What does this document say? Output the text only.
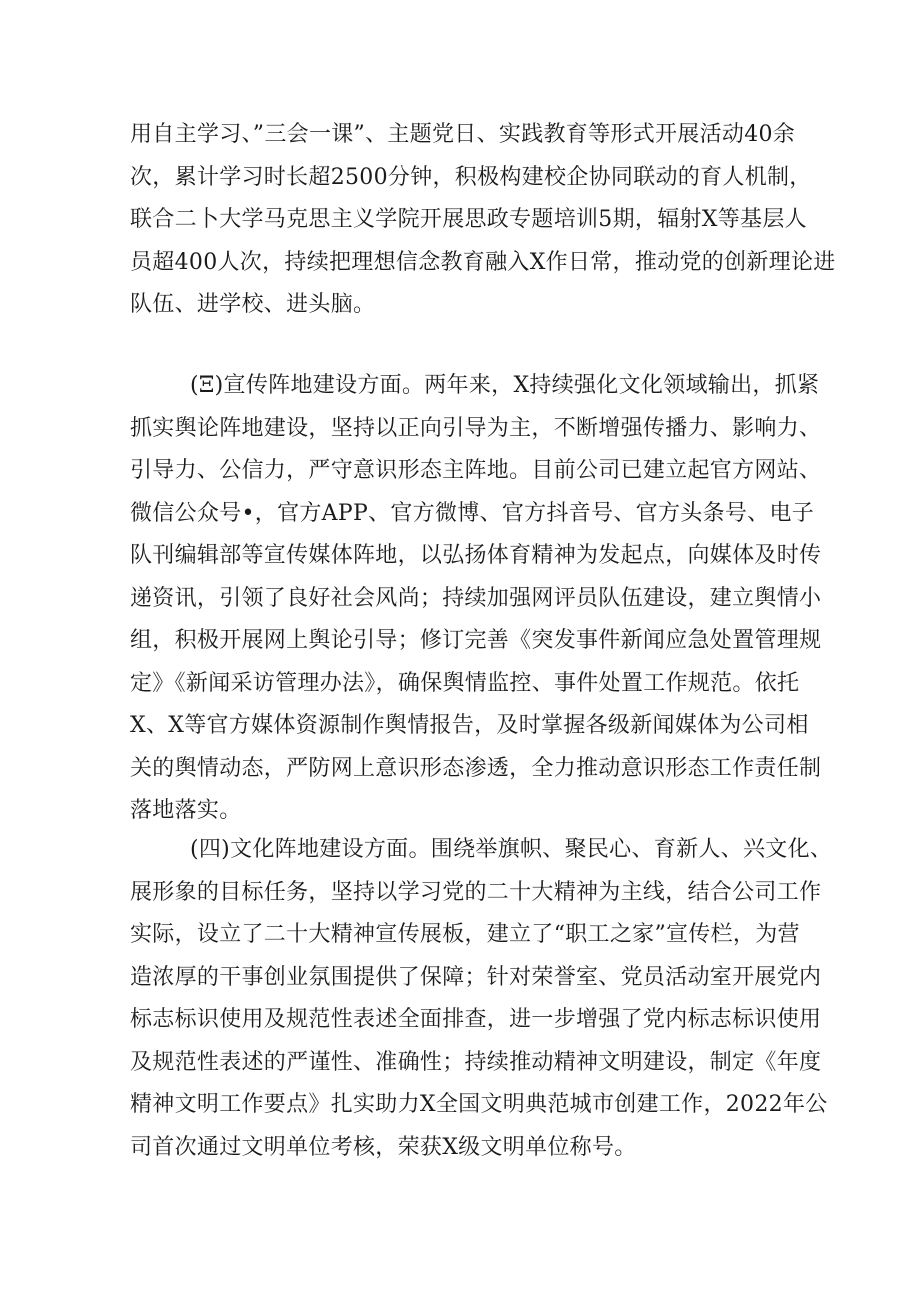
用自主学习、”三会一课”、主题党日、实践教育等形式开展活动40余
次，累计学习时长超2500分钟，积极构建校企协同联动的育人机制，
联合二卜大学马克思主义学院开展思政专题培训5期，辐射X等基层人
员超400人次，持续把理想信念教育融入X作日常，推动党的创新理论进
队伍、进学校、进头脑。
(Ξ)宣传阵地建设方面。两年来，X持续强化文化领域输出，抓紧
抓实舆论阵地建设，坚持以正向引导为主，不断增强传播力、影响力、
引导力、公信力，严守意识形态主阵地。目前公司已建立起官方网站、
微信公众号•，官方APP、官方微博、官方抖音号、官方头条号、电子
队刊编辑部等宣传媒体阵地，以弘扬体育精神为发起点，向媒体及时传
递资讯，引领了良好社会风尚；持续加强网评员队伍建设，建立舆情小
组，积极开展网上舆论引导；修订完善《突发事件新闻应急处置管理规
定》《新闻采访管理办法》，确保舆情监控、事件处置工作规范。依托
X、X等官方媒体资源制作舆情报告，及时掌握各级新闻媒体为公司相
关的舆情动态，严防网上意识形态渗透，全力推动意识形态工作责任制
落地落实。
(四)文化阵地建设方面。围绕举旗帜、聚民心、育新人、兴文化、
展形象的目标任务，坚持以学习党的二十大精神为主线，结合公司工作
实际，设立了二十大精神宣传展板，建立了“职工之家”宣传栏，为营
造浓厚的干事创业氛围提供了保障；针对荣誉室、党员活动室开展党内
标志标识使用及规范性表述全面排查，进一步增强了党内标志标识使用
及规范性表述的严谨性、准确性；持续推动精神文明建设，制定《年度
精神文明工作要点》扎实助力X全国文明典范城市创建工作，2022年公
司首次通过文明单位考核，荣获X级文明单位称号。
